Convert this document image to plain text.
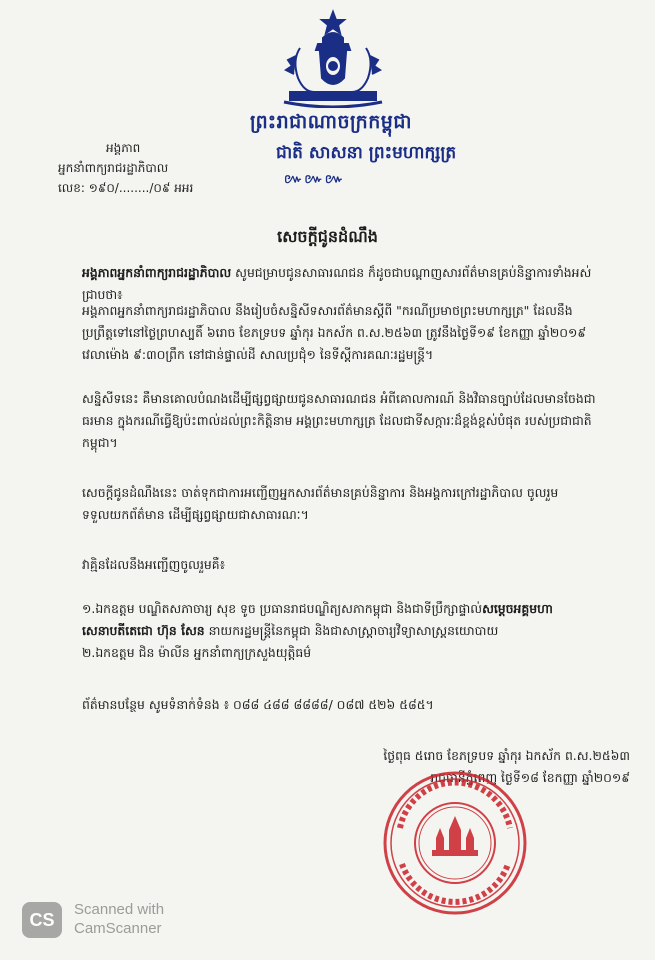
ព្រះរាជាណាចក្រកម្ពុជា
ជាតិ សាសនា ព្រះមហាក្សត្រ
៚៚៚
អង្គភាព
អ្នកនាំពាក្យរាជរដ្ឋាភិបាល
លេខ: ១៩០/......../០៩ អអរ
សេចក្តីជូនដំណឹង
អង្គភាពអ្នកនាំពាក្យរាជរដ្ឋាភិបាល សូមជម្រាបជូនសាធារណជន ក៏ដូចជាបណ្ដាញសារព័ត៌មានគ្រប់និន្នាការទាំងអស់ជ្រាបថា៖
អង្គភាពអ្នកនាំពាក្យរាជរដ្ឋាភិបាល នឹងរៀបចំសន្និសីទសារព័ត៌មានស្ដីពី "ករណីប្រមាថព្រះមហាក្សត្រ" ដែលនឹងប្រព្រឹត្តទៅនៅថ្ងៃព្រហស្បតិ៍ ៦រោច ខែភទ្របទ ឆ្នាំកុរ ឯកស័ក ព.ស.២៥៦៣ ត្រូវនឹងថ្ងៃទី១៩ ខែកញ្ញា ឆ្នាំ២០១៩ វេលាម៉ោង ៩:៣០ព្រឹក នៅជាន់ផ្ទាល់ដី សាលប្រជុំ១ នៃទីស្តីការគណៈរដ្ឋមន្ត្រី។
សន្និសីទនេះ គឺមានគោលបំណងដើម្បីផ្សព្វផ្សាយជូនសាធារណជន អំពីគោលការណ៍ និងវិធានច្បាប់ដែលមានចែងជាធរមាន ក្នុងករណីធ្វើឱ្យប៉ះពាល់ដល់ព្រះកិត្តិនាម អង្គព្រះមហាក្សត្រ ដែលជាទីសក្ការៈដ៏ខ្ពង់ខ្ពស់បំផុត របស់ប្រជាជាតិកម្ពុជា។
សេចក្ដីជូនដំណឹងនេះ ចាត់ទុកជាការអញ្ជើញអ្នកសារព័ត៌មានគ្រប់និន្នាការ និងអង្គការក្រៅរដ្ឋាភិបាល ចូលរួមទទួលយកព័ត៌មាន ដើម្បីផ្សព្វផ្សាយជាសាធារណៈ។
វាគ្មិនដែលនឹងអញ្ជើញចូលរួមគឺ៖
១.ឯកឧត្តម បណ្ឌិតសភាចារ្យ សុខ ទូច ប្រធានរាជបណ្ឌិត្យសភាកម្ពុជា និងជាទីប្រឹក្សាផ្ទាល់សម្ដេចអគ្គមហាសេនាបតីតេជោ ហ៊ុន សែន នាយករដ្ឋមន្ត្រីនៃកម្ពុជា និងជាសាស្ត្រាចារ្យវិទ្យាសាស្ត្រនយោបាយ
២.ឯកឧត្តម ជិន ម៉ាលីន អ្នកនាំពាក្យក្រសួងយុត្តិធម៌
ព័ត៌មានបន្ថែម សូមទំនាក់ទំនង ៖ ០៨៨ ៤៨៨ ៨៨៨៨/ ០៨៧ ៥២៦ ៥៨៥។
ថ្ងៃពុធ ៥រោច ខែភទ្របទ ឆ្នាំកុរ ឯកស័ក ព.ស.២៥៦៣
រាជធានីភ្នំពេញ ថ្ងៃទី១៨ ខែកញ្ញា ឆ្នាំ២០១៩
CS
Scanned with
CamScanner
